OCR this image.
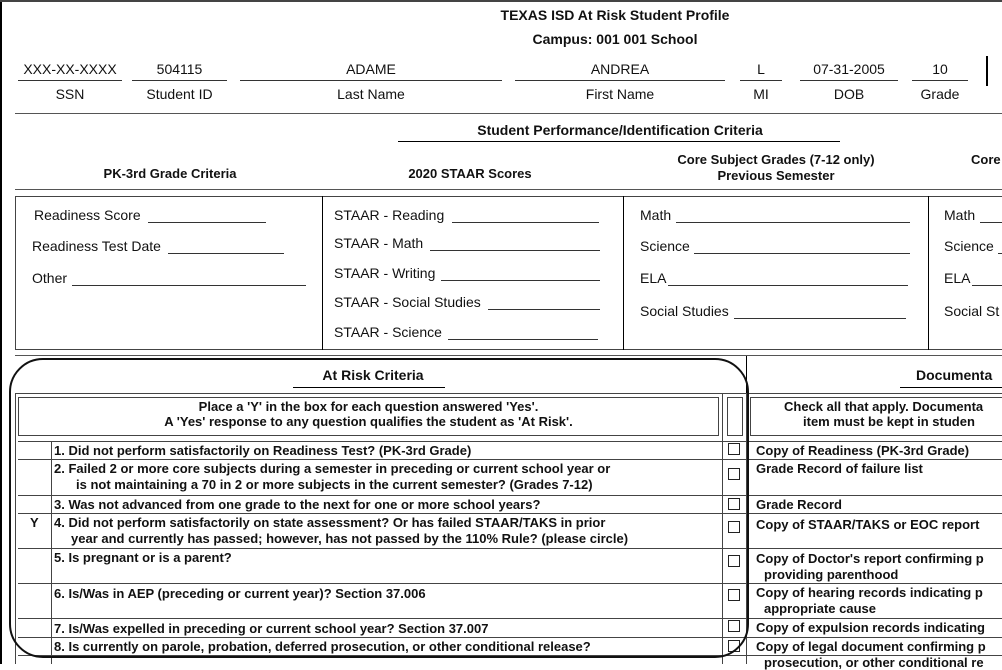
TEXAS ISD At Risk Student Profile
Campus: 001 001 School
XXX-XX-XXXX
SSN
504115
Student ID
ADAME
Last Name
ANDREA
First Name
L
MI
07-31-2005
DOB
10
Grade
Student Performance/Identification Criteria
PK-3rd Grade Criteria	2020 STAAR Scores
Core Subject Grades (7-12 only)
Previous Semester
Core
Readiness Score
Readiness Test Date
Other
STAAR - Reading
STAAR - Math
STAAR - Writing
STAAR - Social Studies
STAAR - Science
Math
Science
ELA
Social Studies
Math
Science
ELA
Social St
At Risk Criteria	Documenta
Place a 'Y' in the box for each question answered 'Yes'.
A 'Yes' response to any question qualifies the student as 'At Risk'.
Check all that apply. Documenta
item must be kept in studen
Y
1. Did not perform satisfactorily on Readiness Test? (PK-3rd Grade)
2. Failed 2 or more core subjects during a semester in preceding or current school year or
is not maintaining a 70 in 2 or more subjects in the current semester? (Grades 7-12)
3. Was not advanced from one grade to the next for one or more school years?
4. Did not perform satisfactorily on state assessment? Or has failed STAAR/TAKS in prior
year and currently has passed; however, has not passed by the 110% Rule? (please circle)
5. Is pregnant or is a parent?
6. Is/Was in AEP (preceding or current year)? Section 37.006
7. Is/Was expelled in preceding or current school year? Section 37.007
8. Is currently on parole, probation, deferred prosecution, or other conditional release?
Copy of Readiness (PK-3rd Grade)
Grade Record of failure list
Grade Record
Copy of STAAR/TAKS or EOC report
Copy of Doctor's report confirming p
providing parenthood
Copy of hearing records indicating p
appropriate cause
Copy of expulsion records indicating
Copy of legal document confirming p
prosecution, or other conditional re
